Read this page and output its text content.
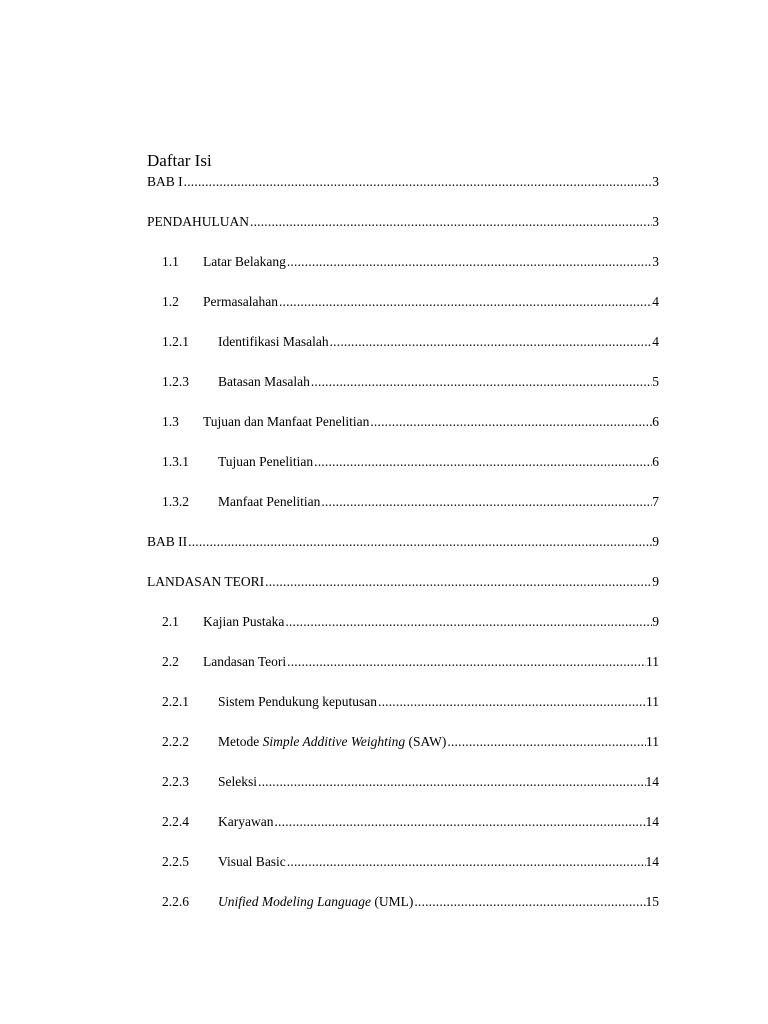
Daftar Isi
BAB I .....	3
PENDAHULUAN .....	3
1.1	Latar Belakang .....	3
1.2	Permasalahan .....	4
1.2.1	Identifikasi Masalah .....	4
1.2.3	Batasan Masalah .....	5
1.3	Tujuan dan Manfaat Penelitian .....	6
1.3.1	Tujuan Penelitian .....	6
1.3.2	Manfaat Penelitian .....	7
BAB II .....	9
LANDASAN TEORI .....	9
2.1	Kajian Pustaka .....	9
2.2	Landasan Teori .....	11
2.2.1	Sistem Pendukung keputusan .....	11
2.2.2	Metode Simple Additive Weighting (SAW) .....	11
2.2.3	Seleksi .....	14
2.2.4	Karyawan .....	14
2.2.5	Visual Basic .....	14
2.2.6	Unified Modeling Language (UML) .....	15
